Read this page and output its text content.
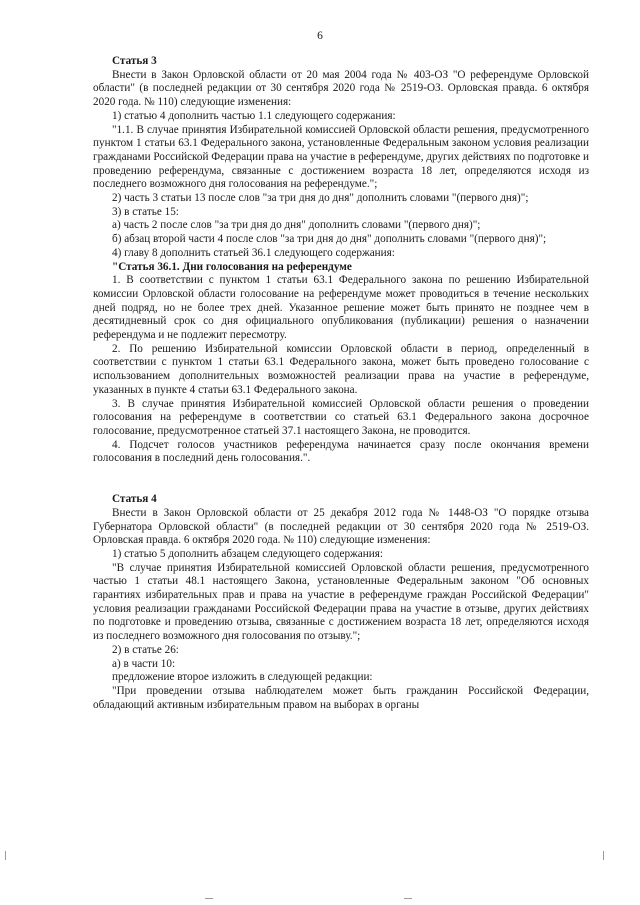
6

Статья 3

Внести в Закон Орловской области от 20 мая 2004 года № 403-ОЗ "О референдуме Орловской области" (в последней редакции от 30 сентября 2020 года № 2519-ОЗ. Орловская правда. 6 октября 2020 года. № 110) следующие изменения:

1) статью 4 дополнить частью 1.1 следующего содержания:

"1.1. В случае принятия Избирательной комиссией Орловской области решения, предусмотренного пунктом 1 статьи 63.1 Федерального закона, установленные Федеральным законом условия реализации гражданами Российской Федерации права на участие в референдуме, других действиях по подготовке и проведению референдума, связанные с достижением возраста 18 лет, определяются исходя из последнего возможного дня голосования на референдуме.";

2) часть 3 статьи 13 после слов "за три дня до дня" дополнить словами "(первого дня)";

3) в статье 15:

а) часть 2 после слов "за три дня до дня" дополнить словами "(первого дня)";

б) абзац второй части 4 после слов "за три дня до дня" дополнить словами "(первого дня)";

4) главу 8 дополнить статьей 36.1 следующего содержания:

"Статья 36.1. Дни голосования на референдуме

1. В соответствии с пунктом 1 статьи 63.1 Федерального закона по решению Избирательной комиссии Орловской области голосование на референдуме может проводиться в течение нескольких дней подряд, но не более трех дней. Указанное решение может быть принято не позднее чем в десятидневный срок со дня официального опубликования (публикации) решения о назначении референдума и не подлежит пересмотру.

2. По решению Избирательной комиссии Орловской области в период, определенный в соответствии с пунктом 1 статьи 63.1 Федерального закона, может быть проведено голосование с использованием дополнительных возможностей реализации права на участие в референдуме, указанных в пункте 4 статьи 63.1 Федерального закона.

3. В случае принятия Избирательной комиссией Орловской области решения о проведении голосования на референдуме в соответствии со статьей 63.1 Федерального закона досрочное голосование, предусмотренное статьей 37.1 настоящего Закона, не проводится.

4. Подсчет голосов участников референдума начинается сразу после окончания времени голосования в последний день голосования.".

Статья 4

Внести в Закон Орловской области от 25 декабря 2012 года № 1448-ОЗ "О порядке отзыва Губернатора Орловской области" (в последней редакции от 30 сентября 2020 года № 2519-ОЗ. Орловская правда. 6 октября 2020 года. № 110) следующие изменения:

1) статью 5 дополнить абзацем следующего содержания:

"В случае принятия Избирательной комиссией Орловской области решения, предусмотренного частью 1 статьи 48.1 настоящего Закона, установленные Федеральным законом "Об основных гарантиях избирательных прав и права на участие в референдуме граждан Российской Федерации" условия реализации гражданами Российской Федерации права на участие в отзыве, других действиях по подготовке и проведению отзыва, связанные с достижением возраста 18 лет, определяются исходя из последнего возможного дня голосования по отзыву.";

2) в статье 26:

а) в части 10:

предложение второе изложить в следующей редакции:

"При проведении отзыва наблюдателем может быть гражданин Российской Федерации, обладающий активным избирательным правом на выборах в органы
